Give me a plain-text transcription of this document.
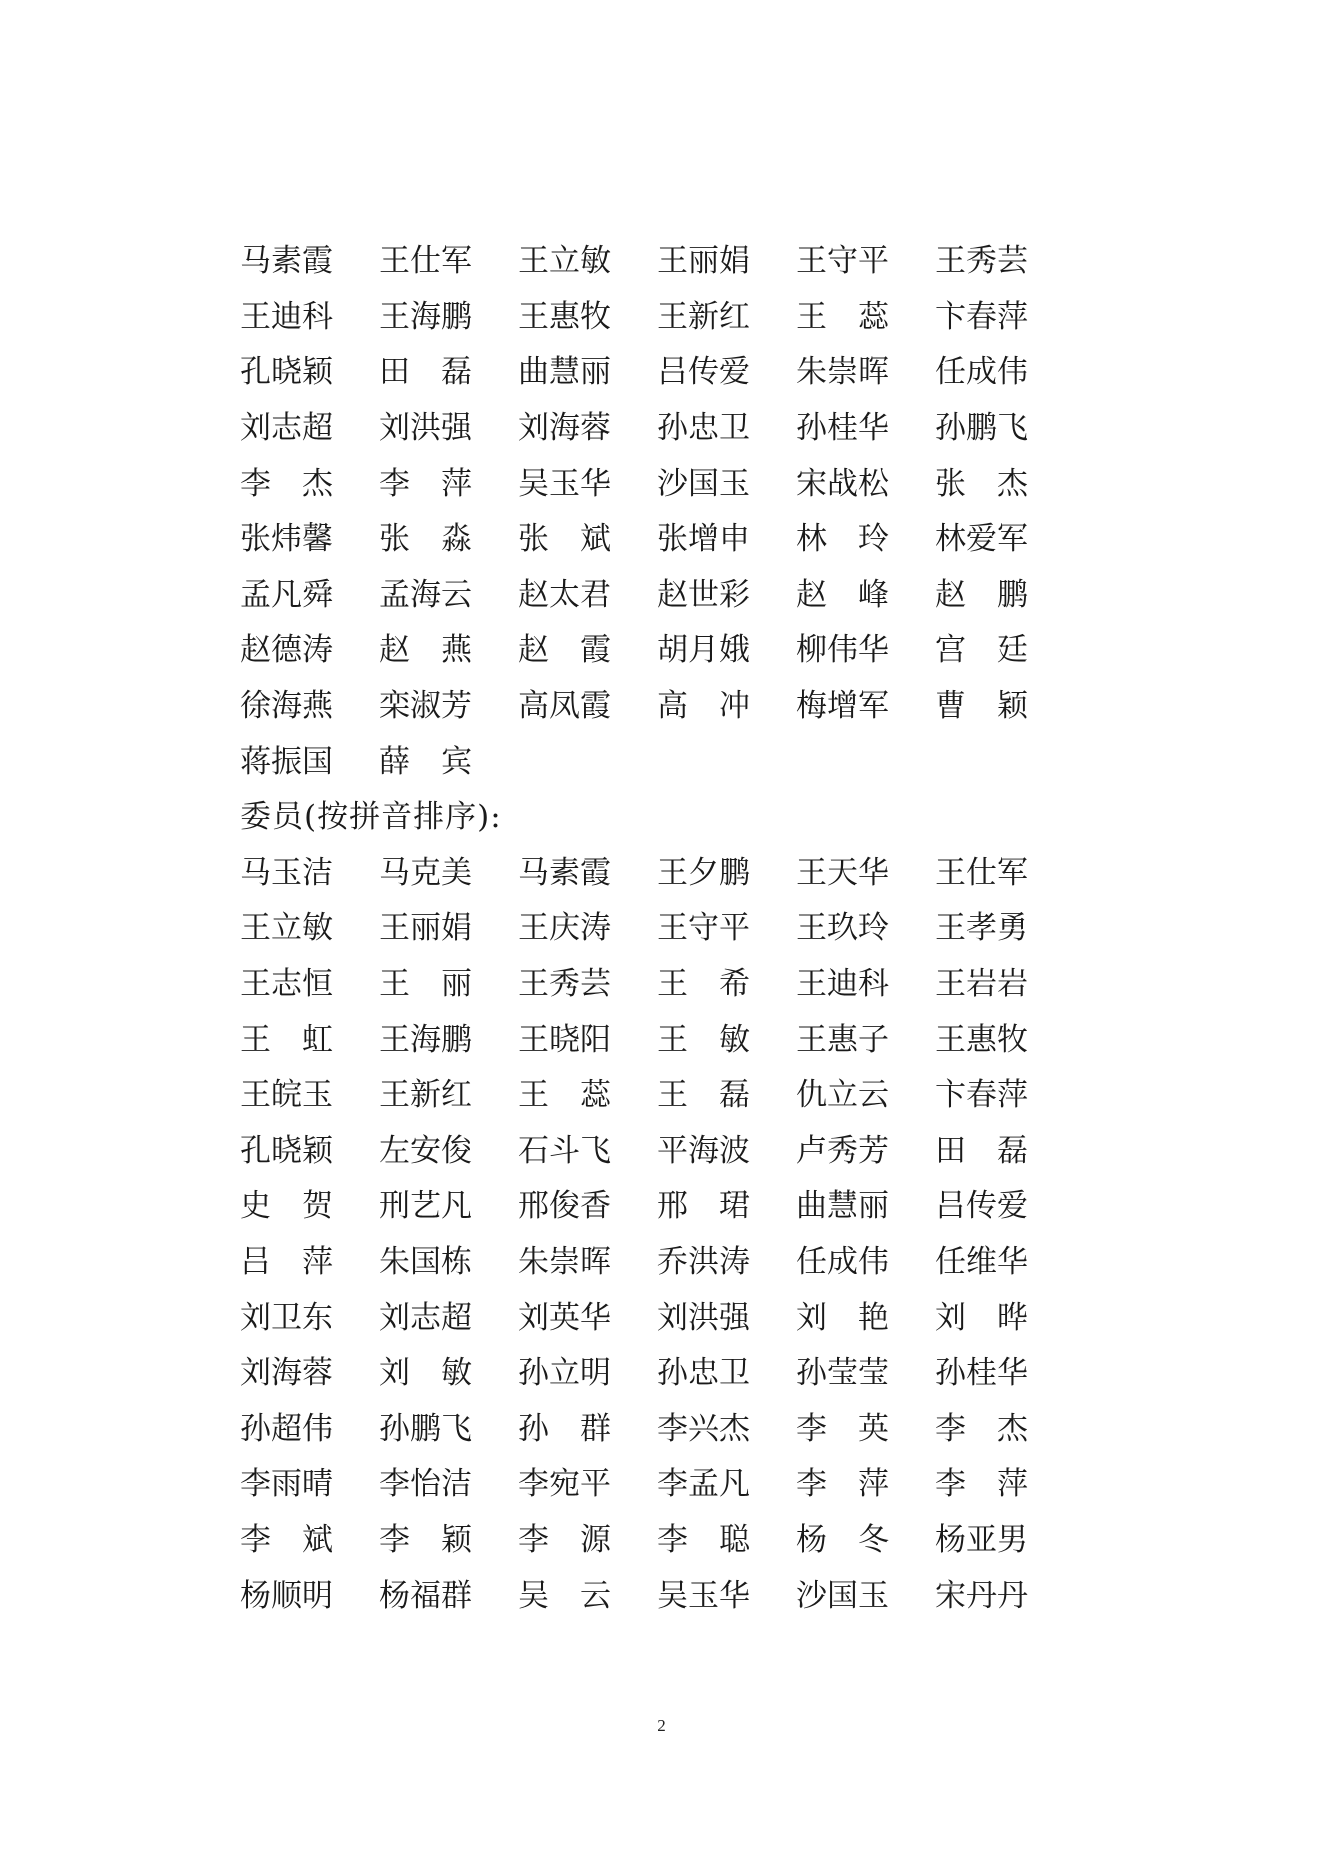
马素霞	王仕军	王立敏	王丽娟	王守平	王秀芸
王迪科	王海鹏	王惠牧	王新红	王　蕊	卞春萍
孔晓颖	田　磊	曲慧丽	吕传爱	朱崇晖	任成伟
刘志超	刘洪强	刘海蓉	孙忠卫	孙桂华	孙鹏飞
李　杰	李　萍	吴玉华	沙国玉	宋战松	张　杰
张炜馨	张　淼	张　斌	张增申	林　玲	林爱军
孟凡舜	孟海云	赵太君	赵世彩	赵　峰	赵　鹏
赵德涛	赵　燕	赵　霞	胡月娥	柳伟华	宫　廷
徐海燕	栾淑芳	高凤霞	高　冲	梅增军	曹　颖
蒋振国	薛　宾
委员(按拼音排序):
马玉洁	马克美	马素霞	王夕鹏	王天华	王仕军
王立敏	王丽娟	王庆涛	王守平	王玖玲	王孝勇
王志恒	王　丽	王秀芸	王　希	王迪科	王岩岩
王　虹	王海鹏	王晓阳	王　敏	王惠子	王惠牧
王皖玉	王新红	王　蕊	王　磊	仇立云	卞春萍
孔晓颖	左安俊	石斗飞	平海波	卢秀芳	田　磊
史　贺	刑艺凡	邢俊香	邢　珺	曲慧丽	吕传爱
吕　萍	朱国栋	朱崇晖	乔洪涛	任成伟	任维华
刘卫东	刘志超	刘英华	刘洪强	刘　艳	刘　晔
刘海蓉	刘　敏	孙立明	孙忠卫	孙莹莹	孙桂华
孙超伟	孙鹏飞	孙　群	李兴杰	李　英	李　杰
李雨晴	李怡洁	李宛平	李孟凡	李　萍	李　萍
李　斌	李　颖	李　源	李　聪	杨　冬	杨亚男
杨顺明	杨福群	吴　云	吴玉华	沙国玉	宋丹丹
2
